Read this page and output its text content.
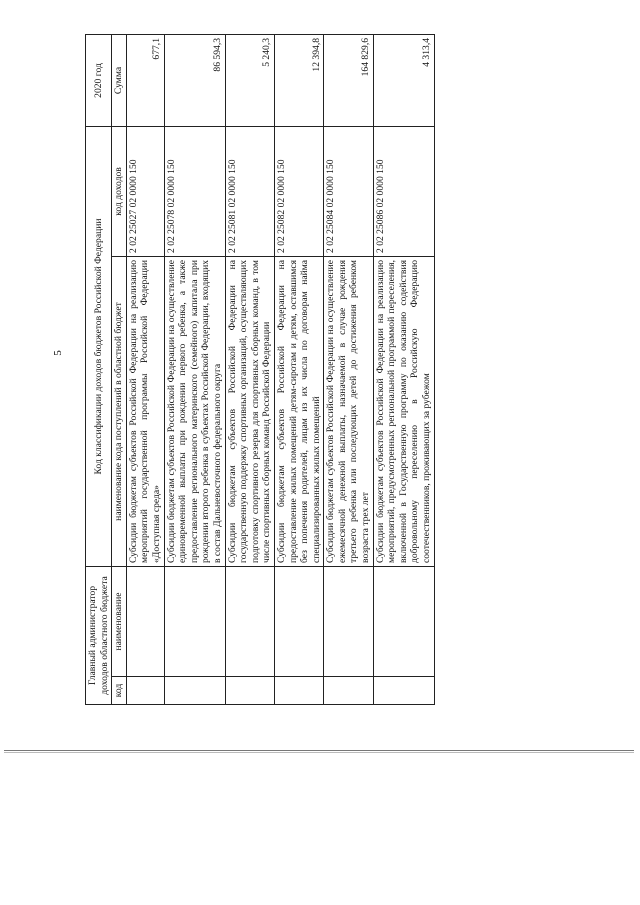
5
Главный администратор доходов областного бюджета		Код классификации доходов бюджетов Российской Федерации		2020 год
код	наименование	наименование кода поступлений в областной бюджет	код доходов	Сумма
		Субсидии бюджетам субъектов Российской Федерации на реализацию мероприятий государственной программы Российской Федерации «Доступная среда»	2 02 25027 02 0000 150	677,1
		Субсидии бюджетам субъектов Российской Федерации на осуществление единовременной выплаты при рождении первого ребенка, а также предоставление регионального материнского (семейного) капитала при рождении второго ребенка в субъектах Российской Федерации, входящих в состав Дальневосточного федерального округа	2 02 25078 02 0000 150	86 594,3
		Субсидии бюджетам субъектов Российской Федерации на государственную поддержку спортивных организаций, осуществляющих подготовку спортивного резерва для спортивных сборных команд, в том числе спортивных сборных команд Российской Федерации	2 02 25081 02 0000 150	5 240,3
		Субсидии бюджетам субъектов Российской Федерации на предоставление жилых помещений детям-сиротам и детям, оставшимся без попечения родителей, лицам из их числа по договорам найма специализированных жилых помещений	2 02 25082 02 0000 150	12 394,8
		Субсидии бюджетам субъектов Российской Федерации на осуществление ежемесячной денежной выплаты, назначаемой в случае рождения третьего ребенка или последующих детей до достижения ребенком возраста трех лет	2 02 25084 02 0000 150	164 829,6
		Субсидии бюджетам субъектов Российской Федерации на реализацию мероприятий, предусмотренных региональной программой переселения, включенной в Государственную программу по оказанию содействия добровольному переселению в Российскую Федерацию соотечественников, проживающих за рубежом	2 02 25086 02 0000 150	4 313,4
